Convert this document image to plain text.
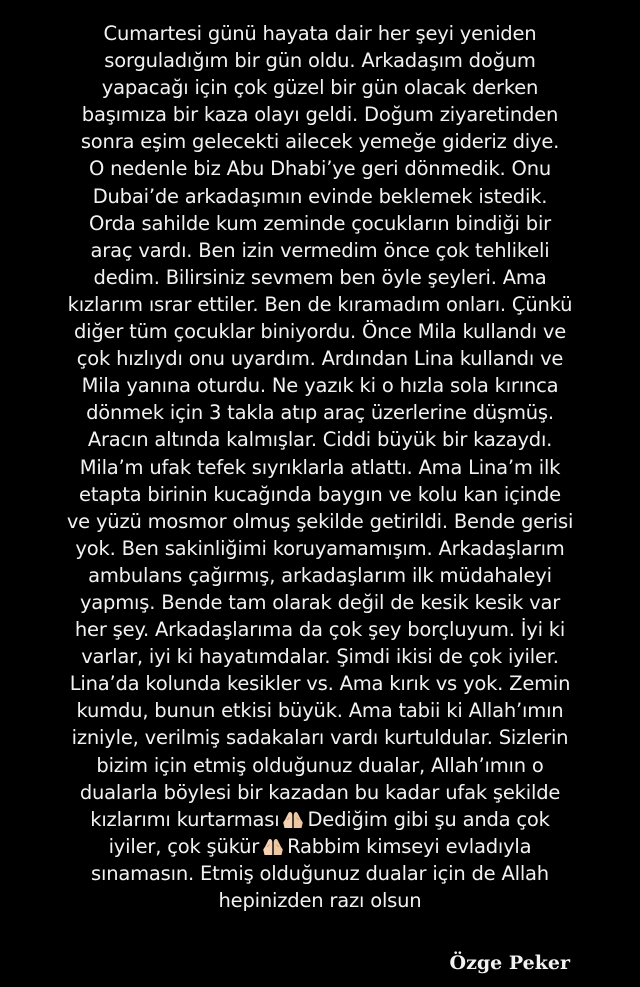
Cumartesi günü hayata dair her şeyi yeniden
sorguladığım bir gün oldu. Arkadaşım doğum
yapacağı için çok güzel bir gün olacak derken
başımıza bir kaza olayı geldi. Doğum ziyaretinden
sonra eşim gelecekti ailecek yemeğe gideriz diye.
O nedenle biz Abu Dhabi’ye geri dönmedik. Onu
Dubai’de arkadaşımın evinde beklemek istedik.
Orda sahilde kum zeminde çocukların bindiği bir
araç vardı. Ben izin vermedim önce çok tehlikeli
dedim. Bilirsiniz sevmem ben öyle şeyleri. Ama
kızlarım ısrar ettiler. Ben de kıramadım onları. Çünkü
diğer tüm çocuklar biniyordu. Önce Mila kullandı ve
çok hızlıydı onu uyardım. Ardından Lina kullandı ve
Mila yanına oturdu. Ne yazık ki o hızla sola kırınca
dönmek için 3 takla atıp araç üzerlerine düşmüş.
Aracın altında kalmışlar. Ciddi büyük bir kazaydı.
Mila’m ufak tefek sıyrıklarla atlattı. Ama Lina’m ilk
etapta birinin kucağında baygın ve kolu kan içinde
ve yüzü mosmor olmuş şekilde getirildi. Bende gerisi
yok. Ben sakinliğimi koruyamamışım. Arkadaşlarım
ambulans çağırmış, arkadaşlarım ilk müdahaleyi
yapmış. Bende tam olarak değil de kesik kesik var
her şey. Arkadaşlarıma da çok şey borçluyum. İyi ki
varlar, iyi ki hayatımdalar. Şimdi ikisi de çok iyiler.
Lina’da kolunda kesikler vs. Ama kırık vs yok. Zemin
kumdu, bunun etkisi büyük. Ama tabii ki Allah’ımın
izniyle, verilmiş sadakaları vardı kurtuldular. Sizlerin
bizim için etmiş olduğunuz dualar, Allah’ımın o
dualarla böylesi bir kazadan bu kadar ufak şekilde
kızlarımı kurtarması Dediğim gibi şu anda çok
iyiler, çok şükür Rabbim kimseyi evladıyla
sınamasın. Etmiş olduğunuz dualar için de Allah
hepinizden razı olsun

Özge Peker
